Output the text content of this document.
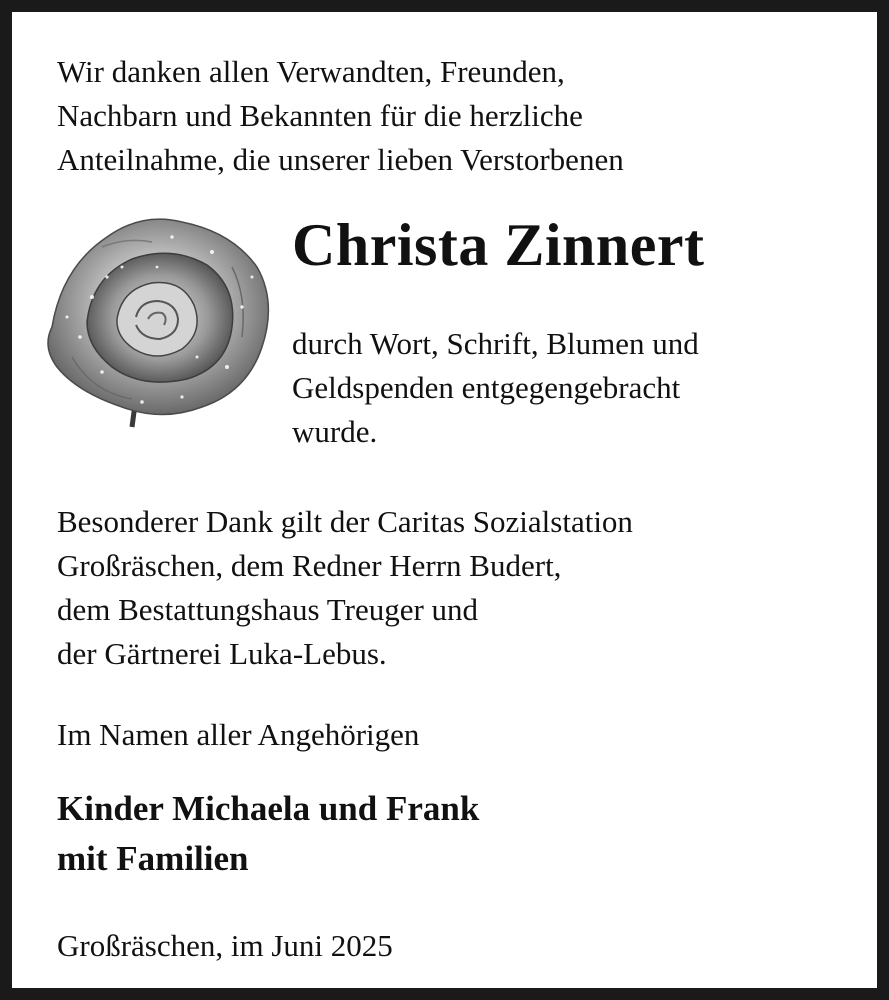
Wir danken allen Verwandten, Freunden,
Nachbarn und Bekannten für die herzliche
Anteilnahme, die unserer lieben Verstorbenen
Christa Zinnert
durch Wort, Schrift, Blumen und
Geldspenden entgegengebracht
wurde.
Besonderer Dank gilt der Caritas Sozialstation
Großräschen, dem Redner Herrn Budert,
dem Bestattungshaus Treuger und
der Gärtnerei Luka-Lebus.
Im Namen aller Angehörigen
Kinder Michaela und Frank
mit Familien
Großräschen, im Juni 2025
